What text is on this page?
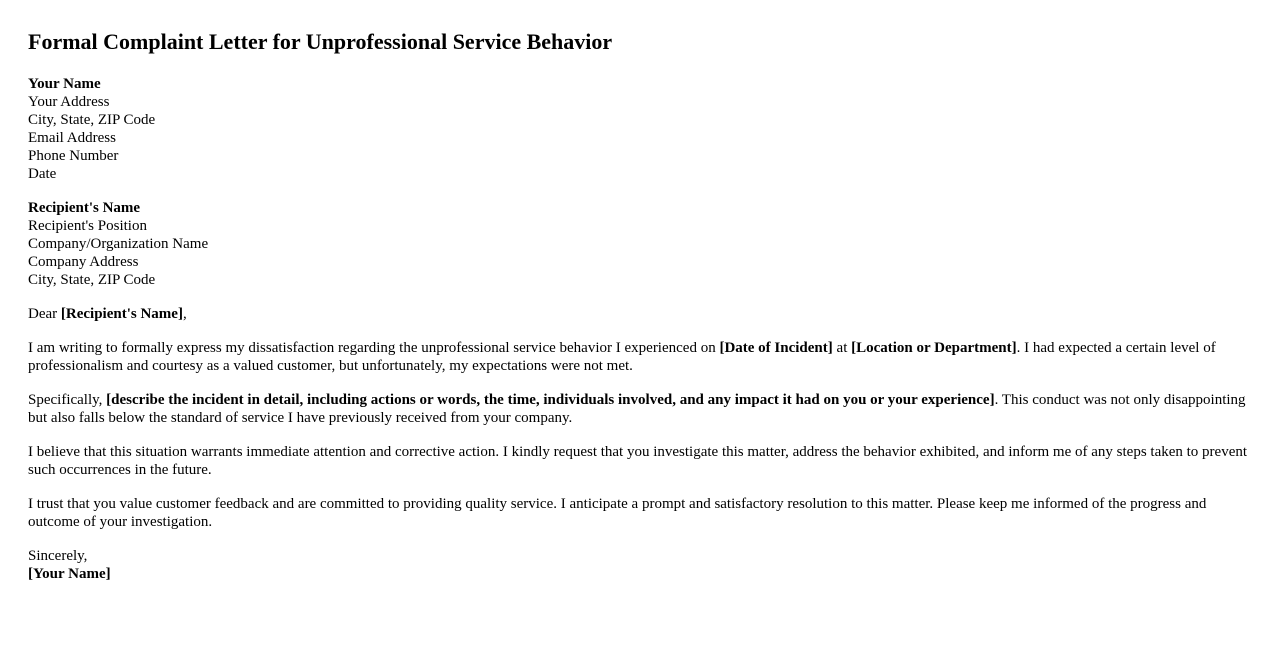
Formal Complaint Letter for Unprofessional Service Behavior
Your Name
Your Address
City, State, ZIP Code
Email Address
Phone Number
Date
Recipient's Name
Recipient's Position
Company/Organization Name
Company Address
City, State, ZIP Code
Dear [Recipient's Name],
I am writing to formally express my dissatisfaction regarding the unprofessional service behavior I experienced on [Date of Incident] at [Location or Department]. I had expected a certain level of professionalism and courtesy as a valued customer, but unfortunately, my expectations were not met.
Specifically, [describe the incident in detail, including actions or words, the time, individuals involved, and any impact it had on you or your experience]. This conduct was not only disappointing but also falls below the standard of service I have previously received from your company.
I believe that this situation warrants immediate attention and corrective action. I kindly request that you investigate this matter, address the behavior exhibited, and inform me of any steps taken to prevent such occurrences in the future.
I trust that you value customer feedback and are committed to providing quality service. I anticipate a prompt and satisfactory resolution to this matter. Please keep me informed of the progress and outcome of your investigation.
Sincerely,
[Your Name]
